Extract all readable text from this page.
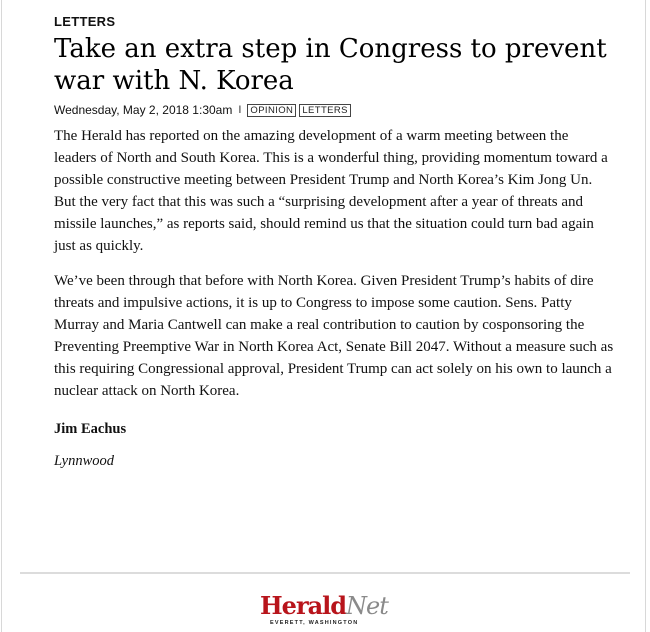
LETTERS
Take an extra step in Congress to prevent war with N. Korea
Wednesday, May 2, 2018 1:30am I OPINION LETTERS

The Herald has reported on the amazing development of a warm meeting between the leaders of North and South Korea. This is a wonderful thing, providing momentum toward a possible constructive meeting between President Trump and North Korea’s Kim Jong Un. But the very fact that this was such a “surprising development after a year of threats and missile launches,” as reports said, should remind us that the situation could turn bad again just as quickly.

We’ve been through that before with North Korea. Given President Trump’s habits of dire threats and impulsive actions, it is up to Congress to impose some caution. Sens. Patty Murray and Maria Cantwell can make a real contribution to caution by cosponsoring the Preventing Preemptive War in North Korea Act, Senate Bill 2047. Without a measure such as this requiring Congressional approval, President Trump can act solely on his own to launch a nuclear attack on North Korea.

Jim Eachus

Lynnwood

HeraldNet
EVERETT, WASHINGTON
